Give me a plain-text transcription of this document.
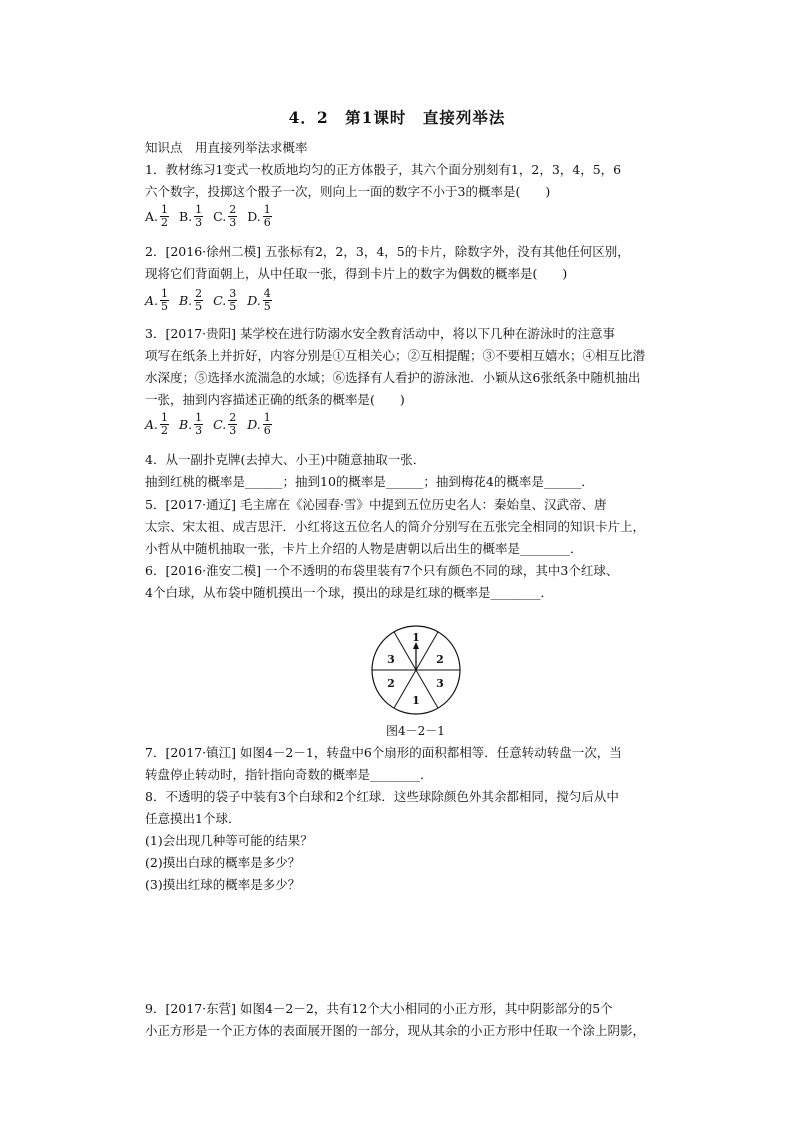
4．2　第1课时　直接列举法
知识点　用直接列举法求概率
1．教材练习1变式一枚质地均匀的正方体骰子，其六个面分别刻有1，2，3，4，5，6
六个数字，投掷这个骰子一次，则向上一面的数字不小于3的概率是(　　)
A. $\frac{1}{2} B$. $\frac{1}{3} C$. $\frac{2}{3} D$. $\frac{1}{6}$
2．[2016·徐州二模] 五张标有2，2，3，4，5的卡片，除数字外，没有其他任何区别，
现将它们背面朝上，从中任取一张，得到卡片上的数字为偶数的概率是(　　)
A. $\frac{1}{5} B$. $\frac{2}{5} C$. $\frac{3}{5} D$. $\frac{4}{5}$
3．[2017·贵阳] 某学校在进行防溺水安全教育活动中，将以下几种在游泳时的注意事
项写在纸条上并折好，内容分别是①互相关心；②互相提醒；③不要相互嬉水；④相互比潜
水深度；⑤选择水流湍急的水域；⑥选择有人看护的游泳池．小颖从这6张纸条中随机抽出
一张，抽到内容描述正确的纸条的概率是(　　)
A. $\frac{1}{2} B$. $\frac{1}{3} C$. $\frac{2}{3} D$. $\frac{1}{6}$
4．从一副扑克牌(去掉大、小王)中随意抽取一张．
抽到红桃的概率是______；抽到10的概率是______；抽到梅花4的概率是______．
5．[2017·通辽] 毛主席在《沁园春·雪》中提到五位历史名人：秦始皇、汉武帝、唐
太宗、宋太祖、成吉思汗．小红将这五位名人的简介分别写在五张完全相同的知识卡片上，
小哲从中随机抽取一张，卡片上介绍的人物是唐朝以后出生的概率是________．
6．[2016·淮安二模] 一个不透明的布袋里装有7个只有颜色不同的球，其中3个红球、
4个白球，从布袋中随机摸出一个球，摸出的球是红球的概率是________．
1
2
3
1
2
3
图4－2－1
7．[2017·镇江] 如图4－2－1，转盘中6个扇形的面积都相等．任意转动转盘一次，当
转盘停止转动时，指针指向奇数的概率是________．
8．不透明的袋子中装有3个白球和2个红球．这些球除颜色外其余都相同，搅匀后从中
任意摸出1个球．
(1)会出现几种等可能的结果？
(2)摸出白球的概率是多少？
(3)摸出红球的概率是多少？
9．[2017·东营] 如图4－2－2，共有12个大小相同的小正方形，其中阴影部分的5个
小正方形是一个正方体的表面展开图的一部分，现从其余的小正方形中任取一个涂上阴影，
